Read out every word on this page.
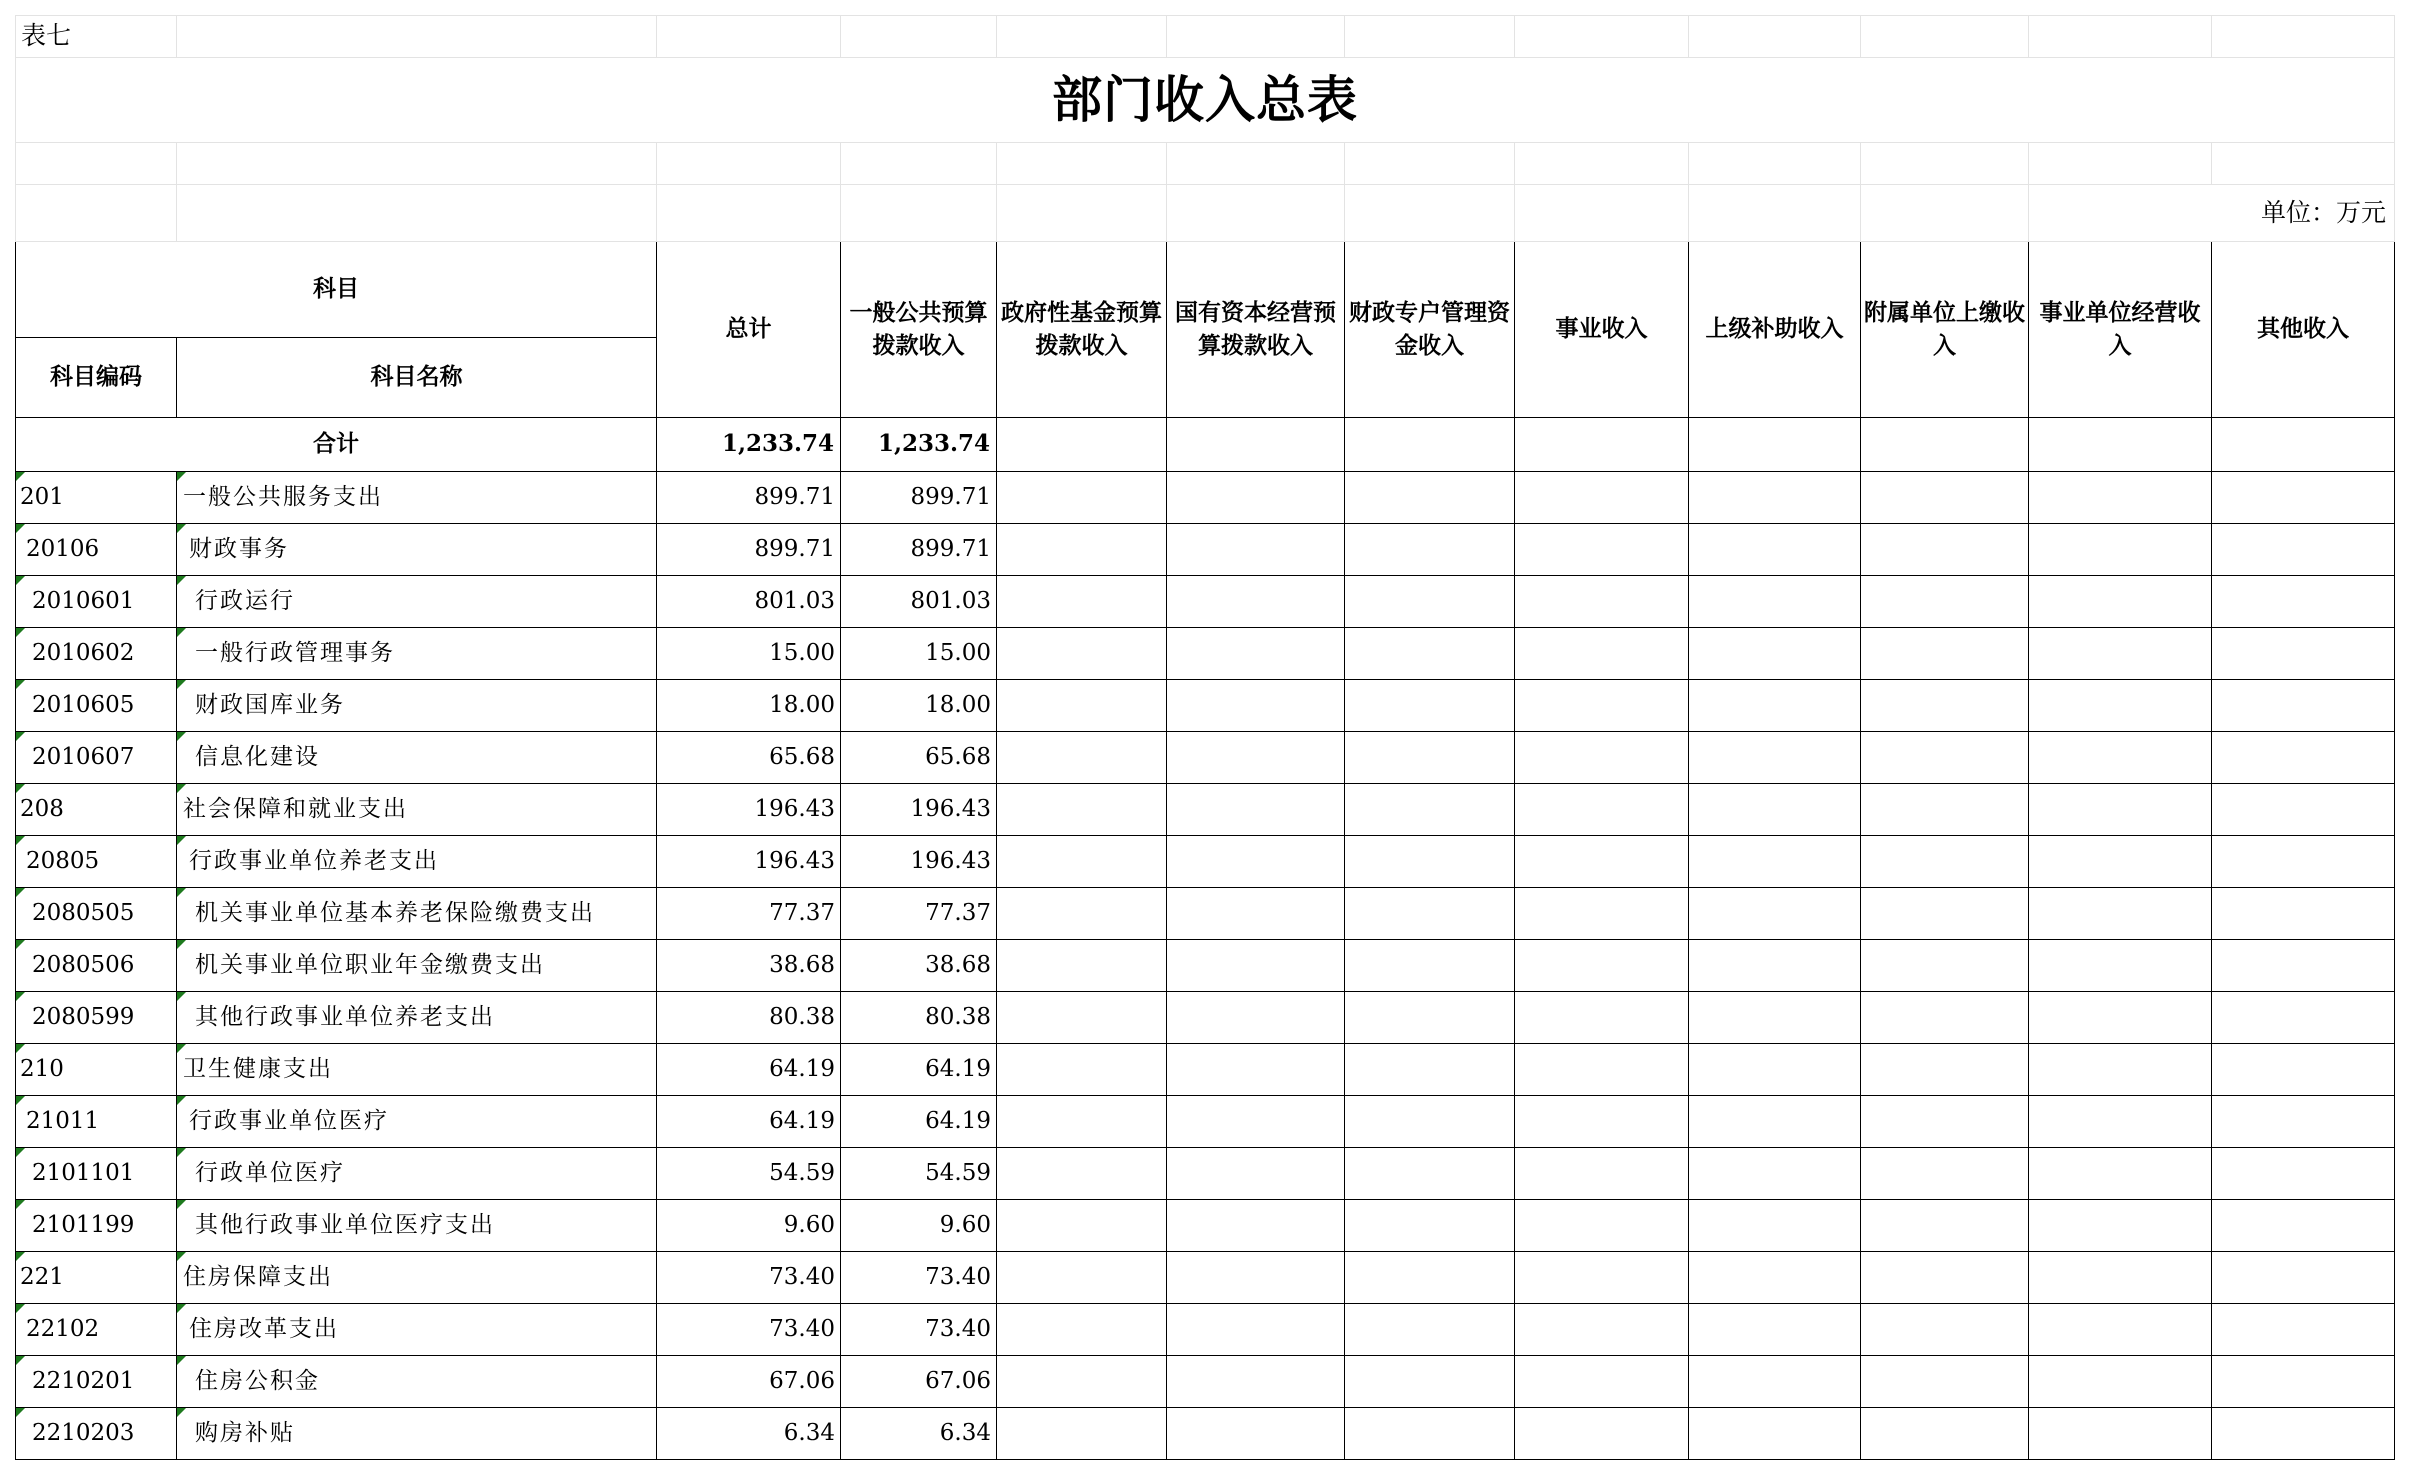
表七											
部门收入总表											

										单位：万元	
科目		总计	一般公共预算拨款收入	政府性基金预算拨款收入	国有资本经营预算拨款收入	财政专户管理资金收入	事业收入	上级补助收入	附属单位上缴收入	事业单位经营收入	其他收入
科目编码	科目名称										
合计		1,233.74	1,233.74								
201	一般公共服务支出	899.71	899.71								
20106	财政事务	899.71	899.71								
2010601	行政运行	801.03	801.03								
2010602	一般行政管理事务	15.00	15.00								
2010605	财政国库业务	18.00	18.00								
2010607	信息化建设	65.68	65.68								
208	社会保障和就业支出	196.43	196.43								
20805	行政事业单位养老支出	196.43	196.43								
2080505	机关事业单位基本养老保险缴费支出	77.37	77.37								
2080506	机关事业单位职业年金缴费支出	38.68	38.68								
2080599	其他行政事业单位养老支出	80.38	80.38								
210	卫生健康支出	64.19	64.19								
21011	行政事业单位医疗	64.19	64.19								
2101101	行政单位医疗	54.59	54.59								
2101199	其他行政事业单位医疗支出	9.60	9.60								
221	住房保障支出	73.40	73.40								
22102	住房改革支出	73.40	73.40								
2210201	住房公积金	67.06	67.06								
2210203	购房补贴	6.34	6.34								
